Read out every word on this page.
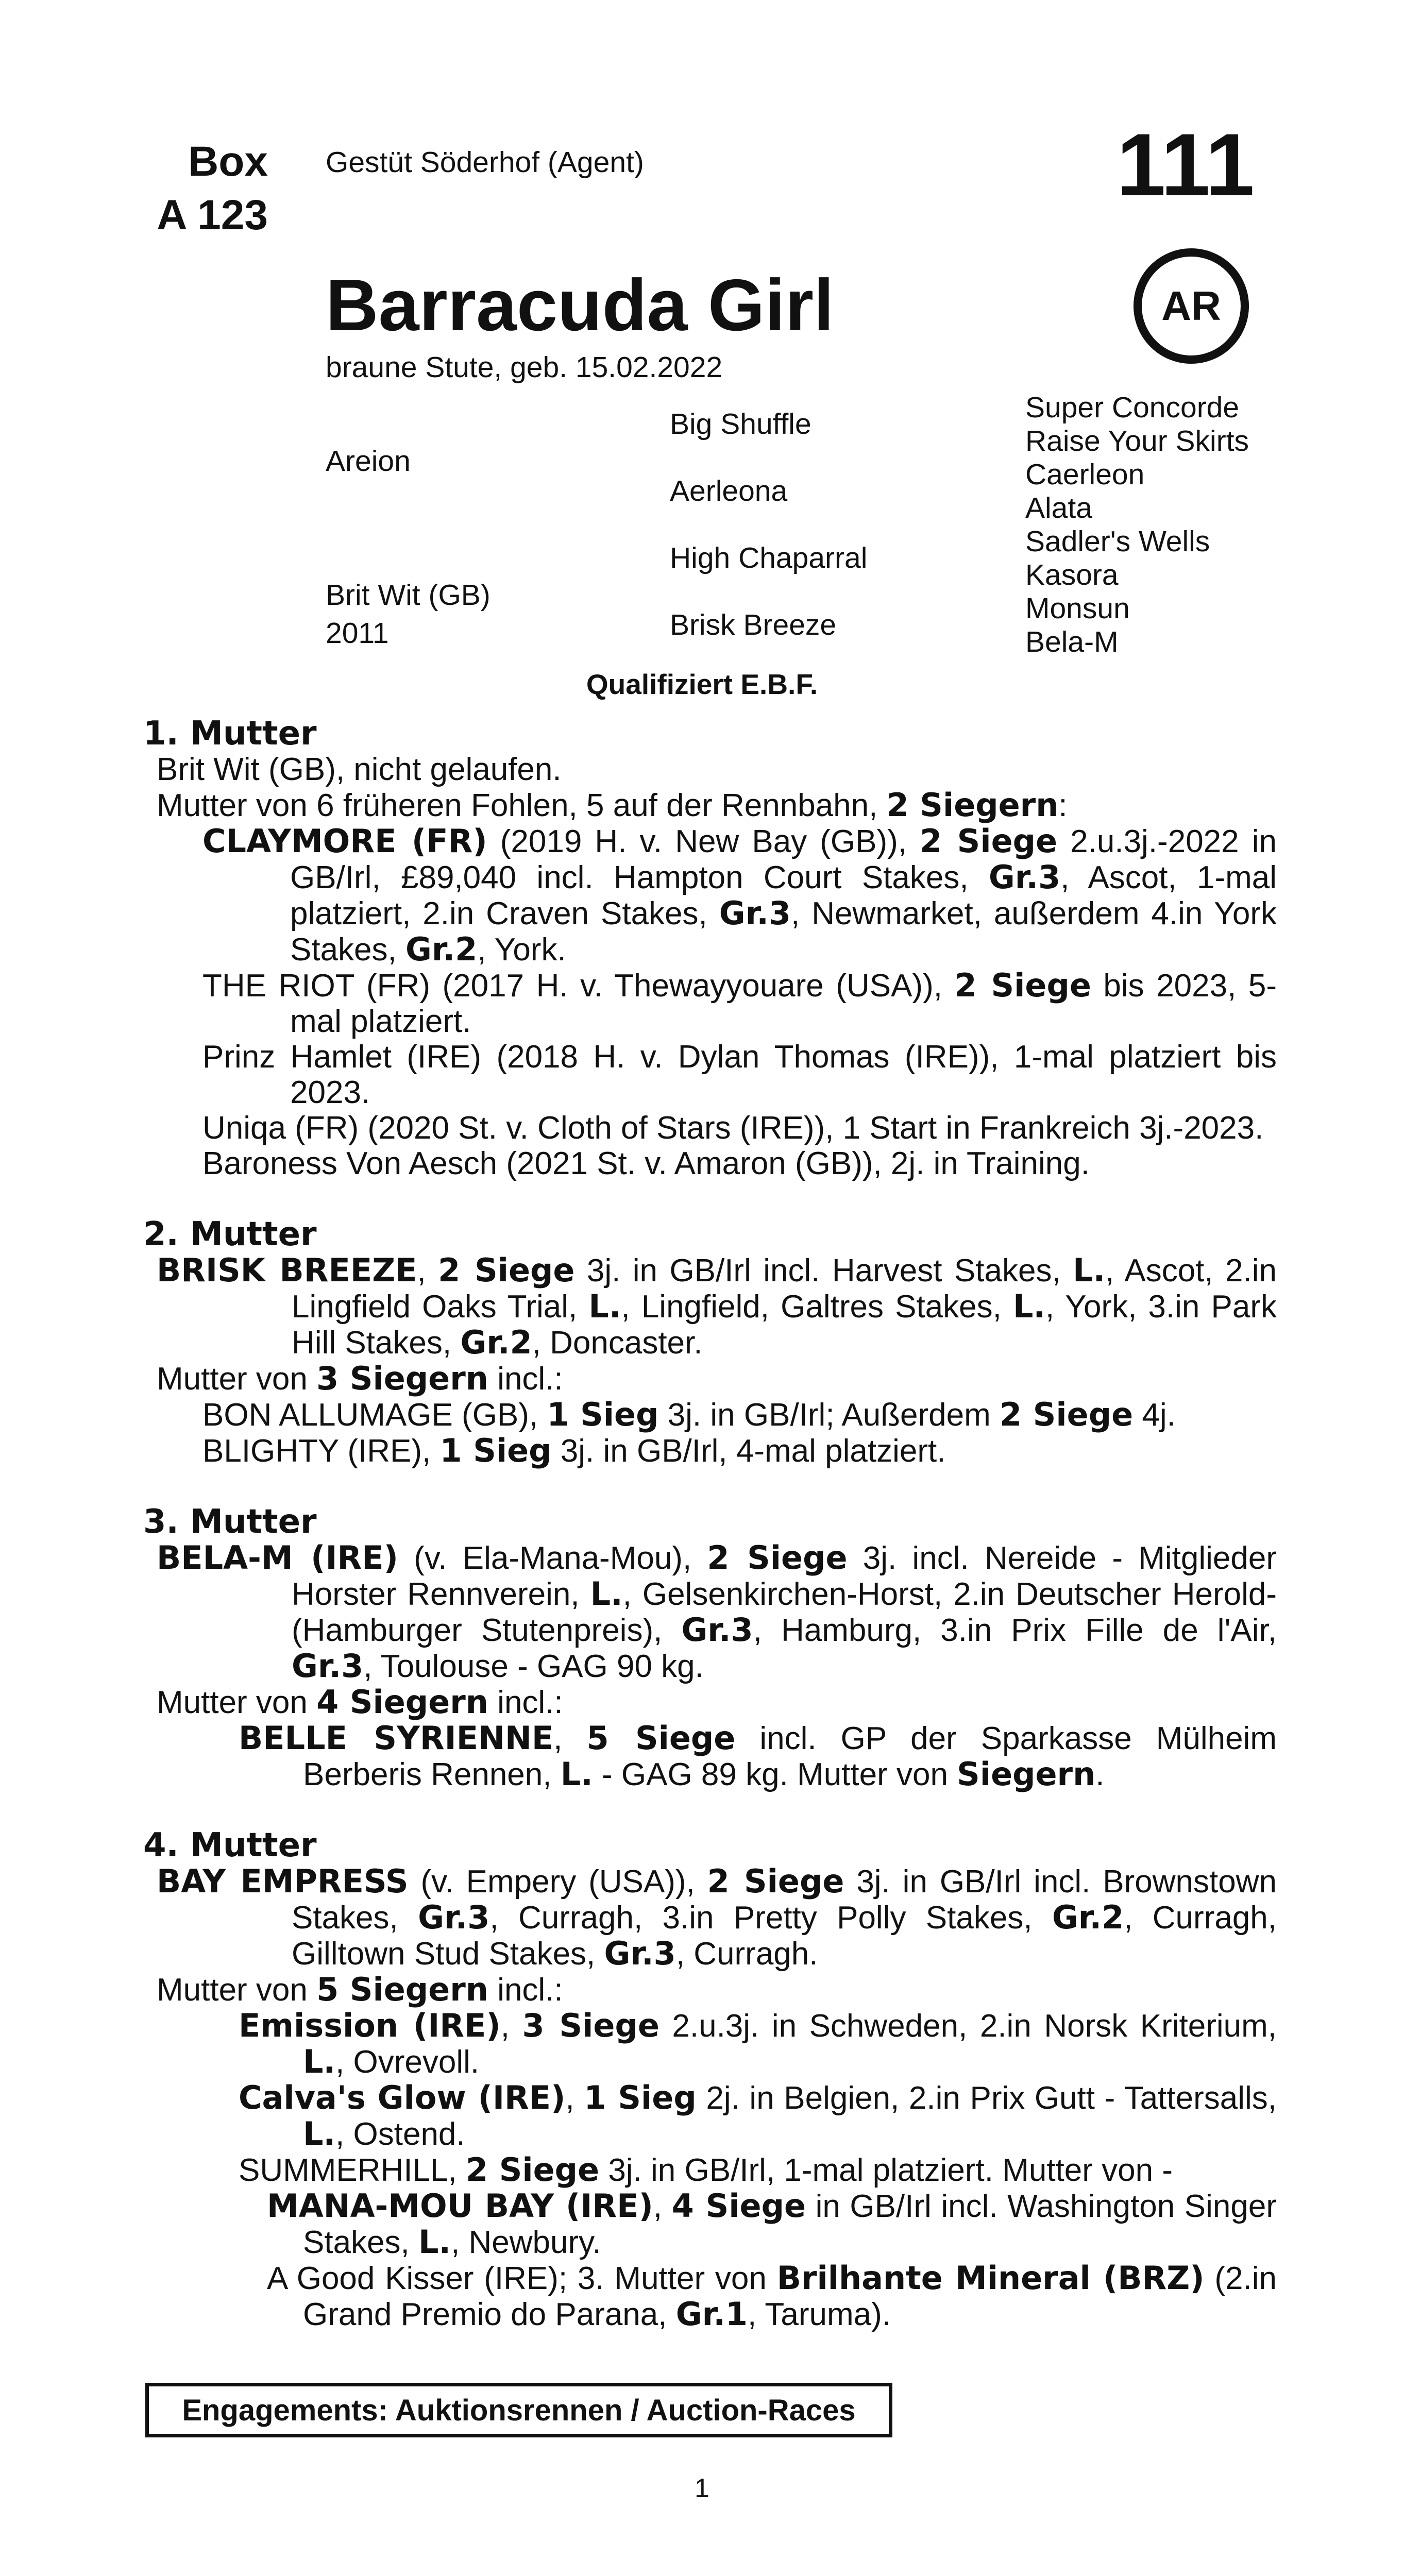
Box
A 123
Gestüt Söderhof (Agent)	111
AR
Barracuda Girl
braune Stute, geb. 15.02.2022
Areion
Brit Wit (GB)
2011
Big Shuffle
Aerleona
High Chaparral
Brisk Breeze
Super Concorde
Raise Your Skirts
Caerleon
Alata
Sadler's Wells
Kasora
Monsun
Bela-M
Qualifiziert E.B.F.
1. Mutter

Brit Wit (GB), nicht gelaufen.

Mutter von 6 früheren Fohlen, 5 auf der Rennbahn, 2 Siegern:

CLAYMORE (FR) (2019 H. v. New Bay (GB)), 2 Siege 2.u.3j.-2022 in GB/Irl, £89,040 incl. Hampton Court Stakes, Gr.3, Ascot, 1-mal platziert, 2.in Craven Stakes, Gr.3, Newmarket, außerdem 4.in York Stakes, Gr.2, York.

THE RIOT (FR) (2017 H. v. Thewayyouare (USA)), 2 Siege bis 2023, 5-mal platziert.

Prinz Hamlet (IRE) (2018 H. v. Dylan Thomas (IRE)), 1-mal platziert bis 2023.

Uniqa (FR) (2020 St. v. Cloth of Stars (IRE)), 1 Start in Frankreich 3j.-2023.

Baroness Von Aesch (2021 St. v. Amaron (GB)), 2j. in Training.

2. Mutter

BRISK BREEZE, 2 Siege 3j. in GB/Irl incl. Harvest Stakes, L., Ascot, 2.in Lingfield Oaks Trial, L., Lingfield, Galtres Stakes, L., York, 3.in Park Hill Stakes, Gr.2, Doncaster.

Mutter von 3 Siegern incl.:

BON ALLUMAGE (GB), 1 Sieg 3j. in GB/Irl; Außerdem 2 Siege 4j.

BLIGHTY (IRE), 1 Sieg 3j. in GB/Irl, 4-mal platziert.

3. Mutter

BELA-M (IRE) (v. Ela-Mana-Mou), 2 Siege 3j. incl. Nereide - Mitglieder Horster Rennverein, L., Gelsenkirchen-Horst, 2.in Deutscher Herold-(Hamburger Stutenpreis), Gr.3, Hamburg, 3.in Prix Fille de l'Air, Gr.3, Toulouse - GAG 90 kg.

Mutter von 4 Siegern incl.:

BELLE SYRIENNE, 5 Siege incl. GP der Sparkasse Mülheim Berberis Rennen, L. - GAG 89 kg. Mutter von Siegern.

4. Mutter

BAY EMPRESS (v. Empery (USA)), 2 Siege 3j. in GB/Irl incl. Brownstown Stakes, Gr.3, Curragh, 3.in Pretty Polly Stakes, Gr.2, Curragh, Gilltown Stud Stakes, Gr.3, Curragh.

Mutter von 5 Siegern incl.:

Emission (IRE), 3 Siege 2.u.3j. in Schweden, 2.in Norsk Kriterium, L., Ovrevoll.

Calva's Glow (IRE), 1 Sieg 2j. in Belgien, 2.in Prix Gutt - Tattersalls, L., Ostend.

SUMMERHILL, 2 Siege 3j. in GB/Irl, 1-mal platziert. Mutter von -

MANA-MOU BAY (IRE), 4 Siege in GB/Irl incl. Washington Singer Stakes, L., Newbury.

A Good Kisser (IRE); 3. Mutter von Brilhante Mineral (BRZ) (2.in Grand Premio do Parana, Gr.1, Taruma).

Engagements: Auktionsrennen / Auction-Races
1
